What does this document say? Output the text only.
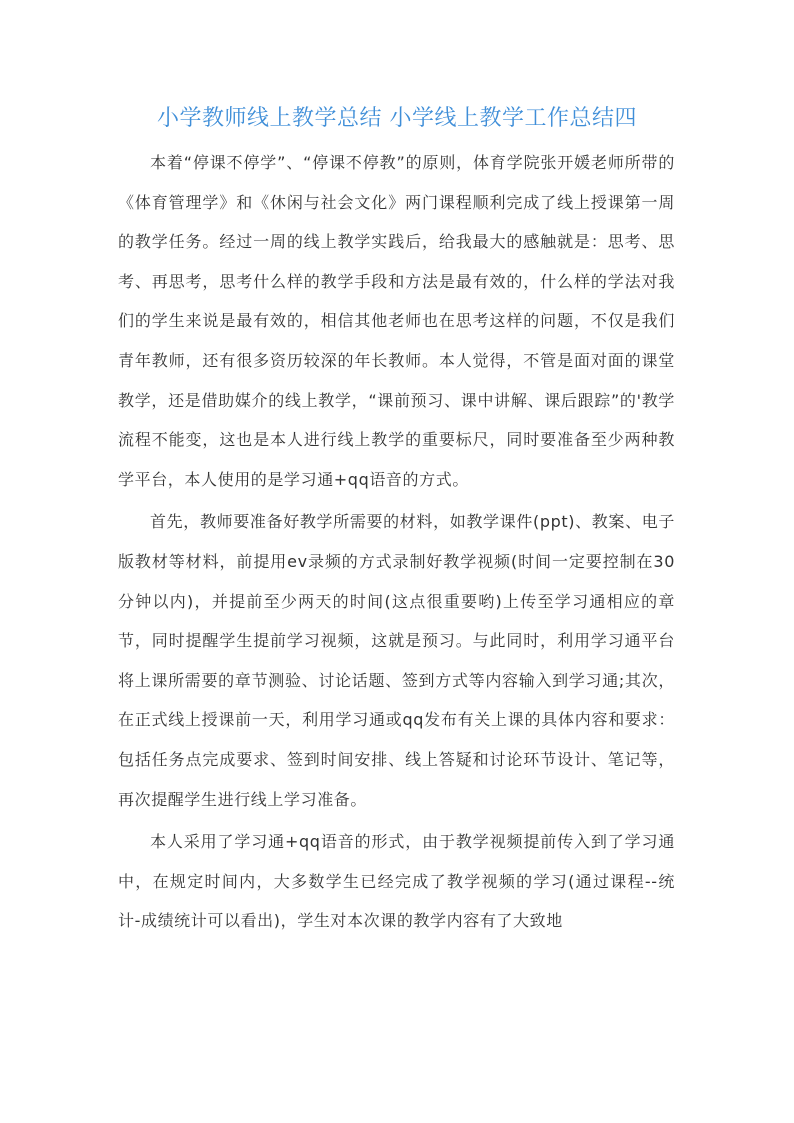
小学教师线上教学总结 小学线上教学工作总结四

本着“停课不停学”、“停课不停教”的原则，体育学院张开媛老师所带的《体育管理学》和《休闲与社会文化》两门课程顺利完成了线上授课第一周的教学任务。经过一周的线上教学实践后，给我最大的感触就是：思考、思考、再思考，思考什么样的教学手段和方法是最有效的，什么样的学法对我们的学生来说是最有效的，相信其他老师也在思考这样的问题，不仅是我们青年教师，还有很多资历较深的年长教师。本人觉得，不管是面对面的课堂教学，还是借助媒介的线上教学，“课前预习、课中讲解、课后跟踪”的'教学流程不能变，这也是本人进行线上教学的重要标尺，同时要准备至少两种教学平台，本人使用的是学习通+qq语音的方式。

首先，教师要准备好教学所需要的材料，如教学课件(ppt)、教案、电子版教材等材料，前提用ev录频的方式录制好教学视频(时间一定要控制在30分钟以内)，并提前至少两天的时间(这点很重要哟)上传至学习通相应的章节，同时提醒学生提前学习视频，这就是预习。与此同时，利用学习通平台将上课所需要的章节测验、讨论话题、签到方式等内容输入到学习通;其次，在正式线上授课前一天，利用学习通或qq发布有关上课的具体内容和要求：包括任务点完成要求、签到时间安排、线上答疑和讨论环节设计、笔记等，再次提醒学生进行线上学习准备。

本人采用了学习通+qq语音的形式，由于教学视频提前传入到了学习通中，在规定时间内，大多数学生已经完成了教学视频的学习(通过课程--统计-成绩统计可以看出)，学生对本次课的教学内容有了大致地
